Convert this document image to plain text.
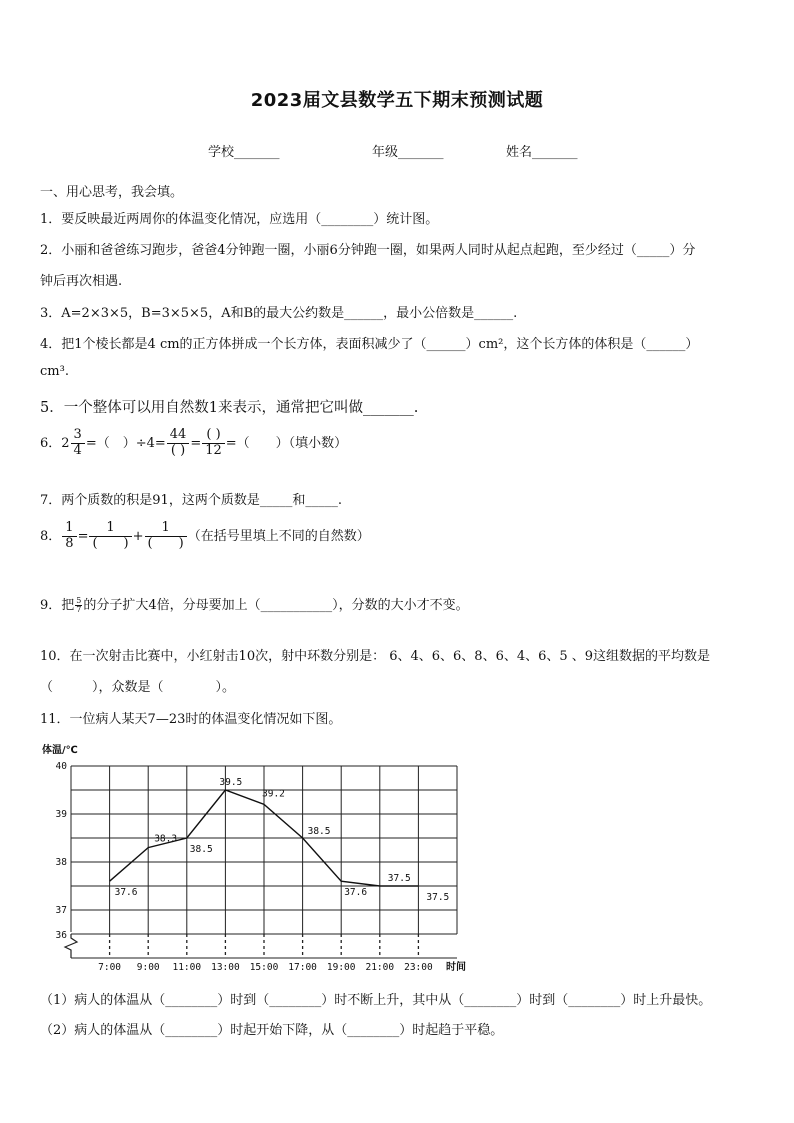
2023届文县数学五下期末预测试题
学校_______	年级_______	姓名_______
一、用心思考，我会填。
1．要反映最近两周你的体温变化情况，应选用（________）统计图。
2．小丽和爸爸练习跑步，爸爸4分钟跑一圈，小丽6分钟跑一圈，如果两人同时从起点起跑，至少经过（_____）分
钟后再次相遇.
3．A=2×3×5，B=3×5×5，A和B的最大公约数是______，最小公倍数是______.
4．把1个棱长都是4 cm的正方体拼成一个长方体，表面积减少了（______）cm²，这个长方体的体积是（______）
cm³.
5．一个整体可以用自然数1来表示，通常把它叫做_______.
6．$2 \frac{3}{4}$ =（　）$\div 4= \frac{44}{( )} = \frac{( )}{12}$ =（　　）（填小数）
7．两个质数的积是91，这两个质数是_____和_____.
8． $\frac{1}{8} = \frac{1}{( )} + \frac{1}{( )}$ （在括号里填上不同的自然数）
9．把 $\frac{5}{7}$ 的分子扩大4倍，分母要加上（___________），分数的大小才不变。
10．在一次射击比赛中，小红射击10次，射中环数分别是： 6、4、6、6、8、6、4、6、5 、9这组数据的平均数是
（　　　），众数是（　　　　）。
11．一位病人某天7—23时的体温变化情况如下图。
体温/℃
时间
36
37
38
39
40
7:00 9:00 11:00 13:00 15:00 17:00 19:00 21:00 23:00
37.6
38.3
38.5
39.5
39.2
38.5
37.6
37.5
37.5
（1）病人的体温从（________）时到（________）时不断上升，其中从（________）时到（________）时上升最快。
（2）病人的体温从（________）时起开始下降，从（________）时起趋于平稳。
